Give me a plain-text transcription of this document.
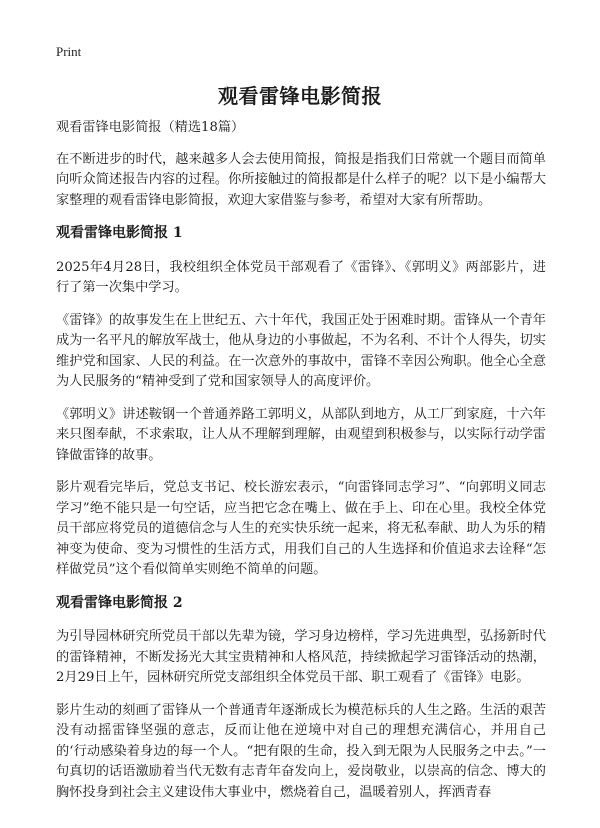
Print
观看雷锋电影简报

观看雷锋电影简报（精选18篇）

在不断进步的时代，越来越多人会去使用简报，简报是指我们日常就一个题目而简单向听众简述报告内容的过程。你所接触过的简报都是什么样子的呢？以下是小编帮大家整理的观看雷锋电影简报，欢迎大家借鉴与参考，希望对大家有所帮助。

观看雷锋电影简报 1

2025年4月28日，我校组织全体党员干部观看了《雷锋》、《郭明义》两部影片，进行了第一次集中学习。

《雷锋》的故事发生在上世纪五、六十年代，我国正处于困难时期。雷锋从一个青年成为一名平凡的解放军战士，他从身边的小事做起，不为名利、不计个人得失，切实维护党和国家、人民的利益。在一次意外的事故中，雷锋不幸因公殉职。他全心全意为人民服务的“精神受到了党和国家领导人的高度评价。

《郭明义》讲述鞍钢一个普通养路工郭明义，从部队到地方，从工厂到家庭，十六年来只图奉献，不求索取，让人从不理解到理解，由观望到积极参与，以实际行动学雷锋做雷锋的故事。

影片观看完毕后，党总支书记、校长游宏表示，“向雷锋同志学习”、“向郭明义同志学习”绝不能只是一句空话，应当把它念在嘴上、做在手上、印在心里。我校全体党员干部应将党员的道德信念与人生的充实快乐统一起来，将无私奉献、助人为乐的精神变为使命、变为习惯性的生活方式，用我们自己的人生选择和价值追求去诠释“怎样做党员”这个看似简单实则绝不简单的问题。

观看雷锋电影简报 2

为引导园林研究所党员干部以先辈为镜，学习身边榜样，学习先进典型，弘扬新时代的雷锋精神，不断发扬光大其宝贵精神和人格风范，持续掀起学习雷锋活动的热潮，2月29日上午，园林研究所党支部组织全体党员干部、职工观看了《雷锋》电影。

影片生动的刻画了雷锋从一个普通青年逐渐成长为模范标兵的人生之路。生活的艰苦没有动摇雷锋坚强的意志，反而让他在逆境中对自己的理想充满信心，并用自己的‘行动感染着身边的每一个人。“把有限的生命，投入到无限为人民服务之中去。”一句真切的话语激励着当代无数有志青年奋发向上，爱岗敬业，以崇高的信念、博大的胸怀投身到社会主义建设伟大事业中，燃烧着自己，温暖着别人，挥洒青春
